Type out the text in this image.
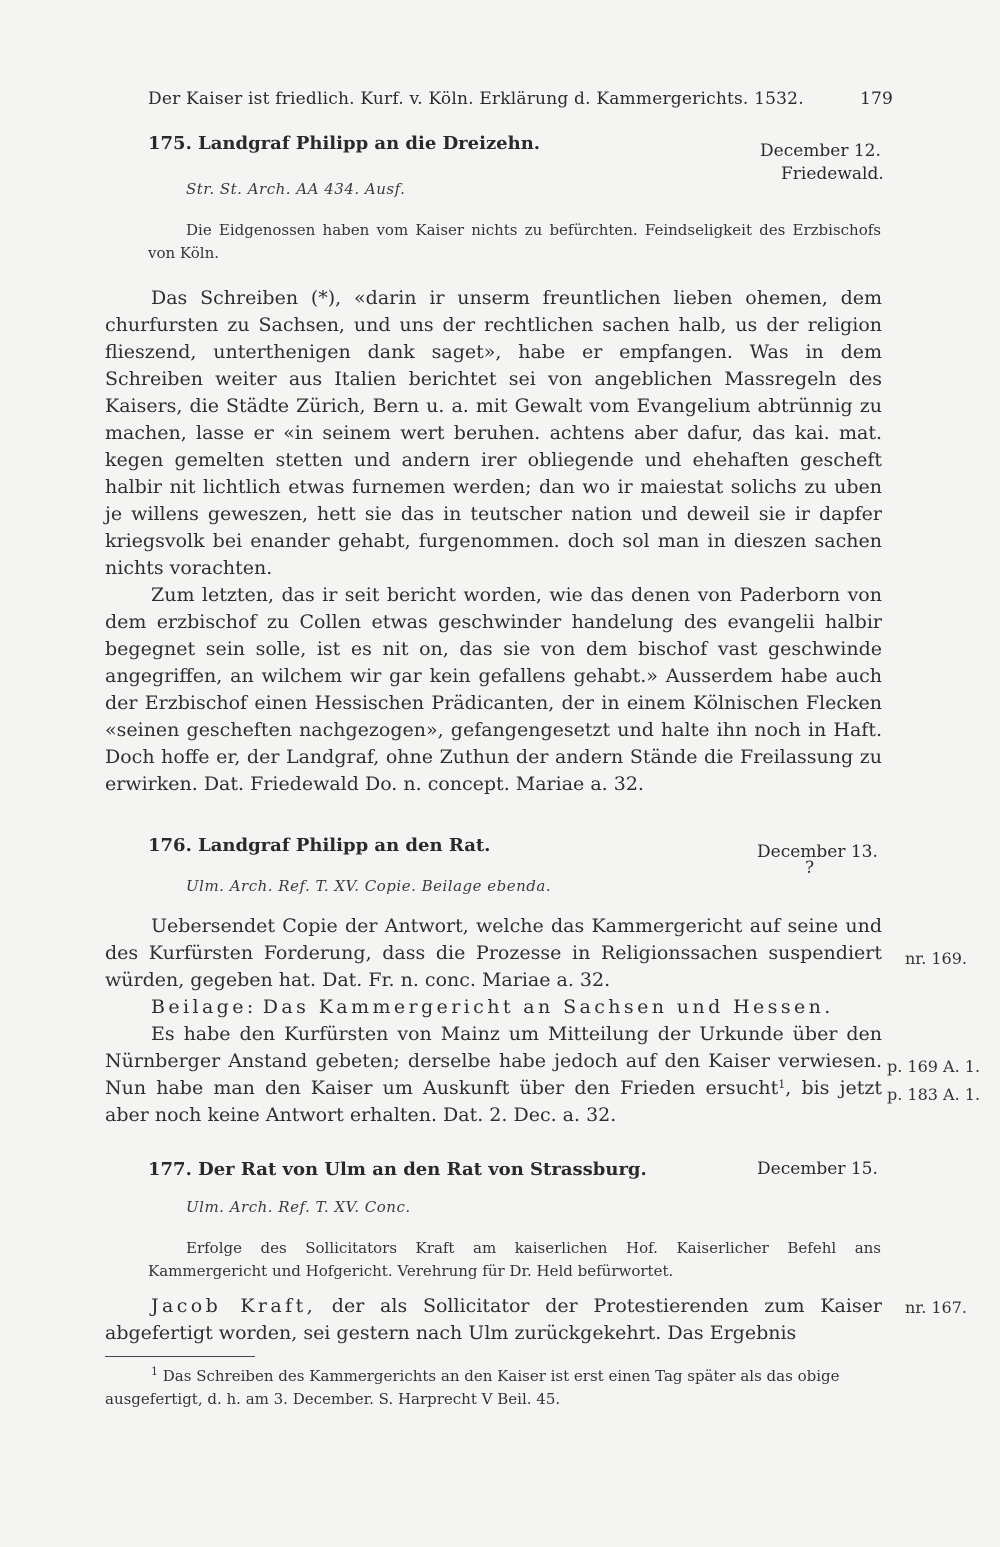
Der Kaiser ist friedlich. Kurf. v. Köln. Erklärung d. Kammergerichts. 1532.	179
175. Landgraf Philipp an die Dreizehn.	December 12.
Friedewald.
Str. St. Arch. AA 434. Ausf.
Die Eidgenossen haben vom Kaiser nichts zu befürchten. Feindseligkeit des Erzbischofs von Köln.

Das Schreiben (*), «darin ir unserm freuntlichen lieben ohemen, dem churfursten zu Sachsen, und uns der rechtlichen sachen halb, us der religion flieszend, unterthenigen dank saget», habe er empfangen. Was in dem Schreiben weiter aus Italien berichtet sei von angeblichen Massregeln des Kaisers, die Städte Zürich, Bern u. a. mit Gewalt vom Evangelium abtrünnig zu machen, lasse er «in seinem wert beruhen. achtens aber dafur, das kai. mat. kegen gemelten stetten und andern irer obliegende und ehehaften gescheft halbir nit lichtlich etwas furnemen werden; dan wo ir maiestat solichs zu uben je willens geweszen, hett sie das in teutscher nation und deweil sie ir dapfer kriegsvolk bei enander gehabt, furgenommen. doch sol man in dieszen sachen nichts vorachten.

Zum letzten, das ir seit bericht worden, wie das denen von Paderborn von dem erzbischof zu Collen etwas geschwinder handelung des evangelii halbir begegnet sein solle, ist es nit on, das sie von dem bischof vast geschwinde angegriffen, an wilchem wir gar kein gefallens gehabt.» Ausserdem habe auch der Erzbischof einen Hessischen Prädicanten, der in einem Kölnischen Flecken «seinen gescheften nachgezogen», gefangengesetzt und halte ihn noch in Haft. Doch hoffe er, der Landgraf, ohne Zuthun der andern Stände die Freilassung zu erwirken. Dat. Friedewald Do. n. concept. Mariae a. 32.

176. Landgraf Philipp an den Rat.	December 13.
?
Ulm. Arch. Ref. T. XV. Copie. Beilage ebenda.

Uebersendet Copie der Antwort, welche das Kammergericht auf seine und des Kurfürsten Forderung, dass die Prozesse in Religionssachen suspendiert würden, gegeben hat. Dat. Fr. n. conc. Mariae a. 32.

Beilage: Das Kammergericht an Sachsen und Hessen.

Es habe den Kurfürsten von Mainz um Mitteilung der Urkunde über den Nürnberger Anstand gebeten; derselbe habe jedoch auf den Kaiser verwiesen. Nun habe man den Kaiser um Auskunft über den Frieden ersucht$^1$, bis jetzt aber noch keine Antwort erhalten. Dat. 2. Dec. a. 32.

nr. 169.
p. 169 A. 1.
p. 183 A. 1.
177. Der Rat von Ulm an den Rat von Strassburg.	December 15.
Ulm. Arch. Ref. T. XV. Conc.
Erfolge des Sollicitators Kraft am kaiserlichen Hof. Kaiserlicher Befehl ans Kammergericht und Hofgericht. Verehrung für Dr. Held befürwortet.

Jacob Kraft, der als Sollicitator der Protestierenden zum Kaiser abgefertigt worden, sei gestern nach Ulm zurückgekehrt. Das Ergebnis

nr. 167.

$^1$ Das Schreiben des Kammergerichts an den Kaiser ist erst einen Tag später als das obige ausgefertigt, d. h. am 3. December. S. Harprecht V Beil. 45.
